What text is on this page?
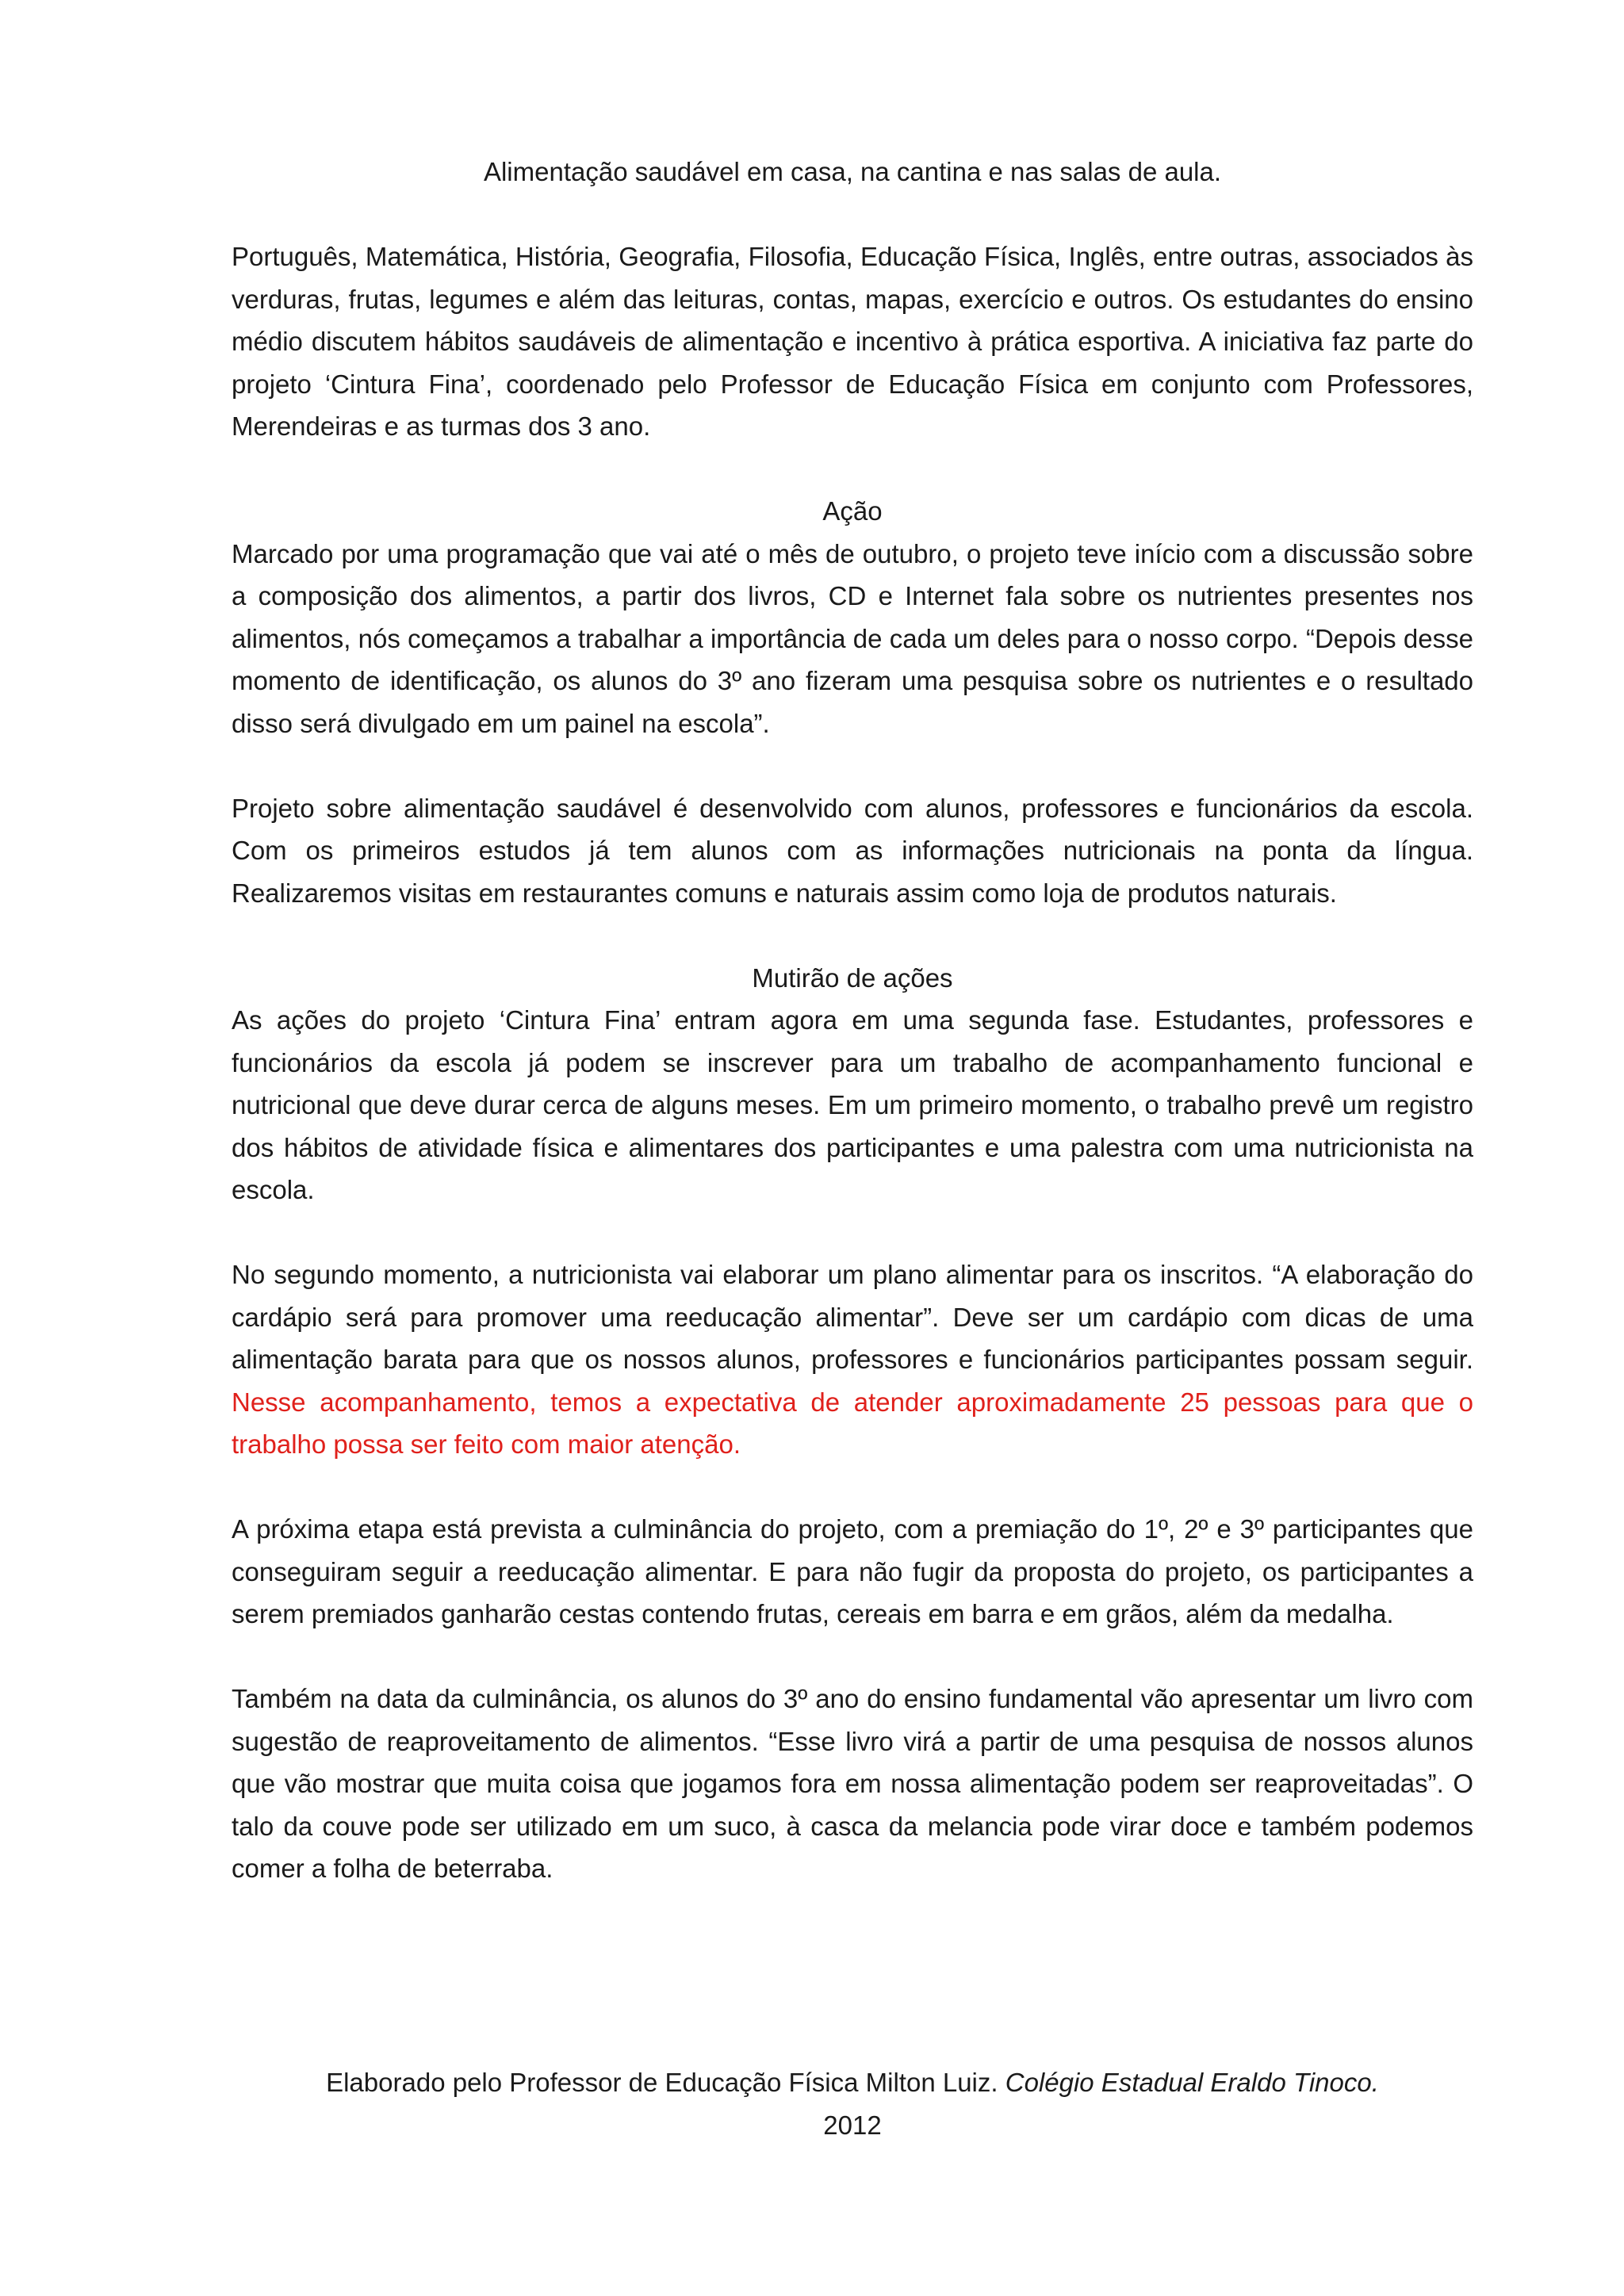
Alimentação saudável em casa, na cantina e nas salas de aula.

Português, Matemática, História, Geografia, Filosofia, Educação Física, Inglês, entre outras, associados às verduras, frutas, legumes e além das leituras, contas, mapas, exercício e outros. Os estudantes do ensino médio discutem hábitos saudáveis de alimentação e incentivo à prática esportiva. A iniciativa faz parte do projeto ‘Cintura Fina’, coordenado pelo Professor de Educação Física em conjunto com Professores, Merendeiras e as turmas dos 3 ano.

Ação

Marcado por uma programação que vai até o mês de outubro, o projeto teve início com a discussão sobre a composição dos alimentos, a partir dos livros, CD e Internet fala sobre os nutrientes presentes nos alimentos, nós começamos a trabalhar a importância de cada um deles para o nosso corpo. “Depois desse momento de identificação, os alunos do 3º ano fizeram uma pesquisa sobre os nutrientes e o resultado disso será divulgado em um painel na escola”.

Projeto sobre alimentação saudável é desenvolvido com alunos, professores e funcionários da escola. Com os primeiros estudos já tem alunos com as informações nutricionais na ponta da língua. Realizaremos visitas em restaurantes comuns e naturais assim como loja de produtos naturais.

Mutirão de ações

As ações do projeto ‘Cintura Fina’ entram agora em uma segunda fase. Estudantes, professores e funcionários da escola já podem se inscrever para um trabalho de acompanhamento funcional e nutricional que deve durar cerca de alguns meses. Em um primeiro momento, o trabalho prevê um registro dos hábitos de atividade física e alimentares dos participantes e uma palestra com uma nutricionista na escola.

No segundo momento, a nutricionista vai elaborar um plano alimentar para os inscritos. “A elaboração do cardápio será para promover uma reeducação alimentar”. Deve ser um cardápio com dicas de uma alimentação barata para que os nossos alunos, professores e funcionários participantes possam seguir. Nesse acompanhamento, temos a expectativa de atender aproximadamente 25 pessoas para que o trabalho possa ser feito com maior atenção.

A próxima etapa está prevista a culminância do projeto, com a premiação do 1º, 2º e 3º participantes que conseguiram seguir a reeducação alimentar. E para não fugir da proposta do projeto, os participantes a serem premiados ganharão cestas contendo frutas, cereais em barra e em grãos, além da medalha.

Também na data da culminância, os alunos do 3º ano do ensino fundamental vão apresentar um livro com sugestão de reaproveitamento de alimentos. “Esse livro virá a partir de uma pesquisa de nossos alunos que vão mostrar que muita coisa que jogamos fora em nossa alimentação podem ser reaproveitadas”. O talo da couve pode ser utilizado em um suco, à casca da melancia pode virar doce e também podemos comer a folha de beterraba.

Elaborado pelo Professor de Educação Física Milton Luiz. Colégio Estadual Eraldo Tinoco.

2012
